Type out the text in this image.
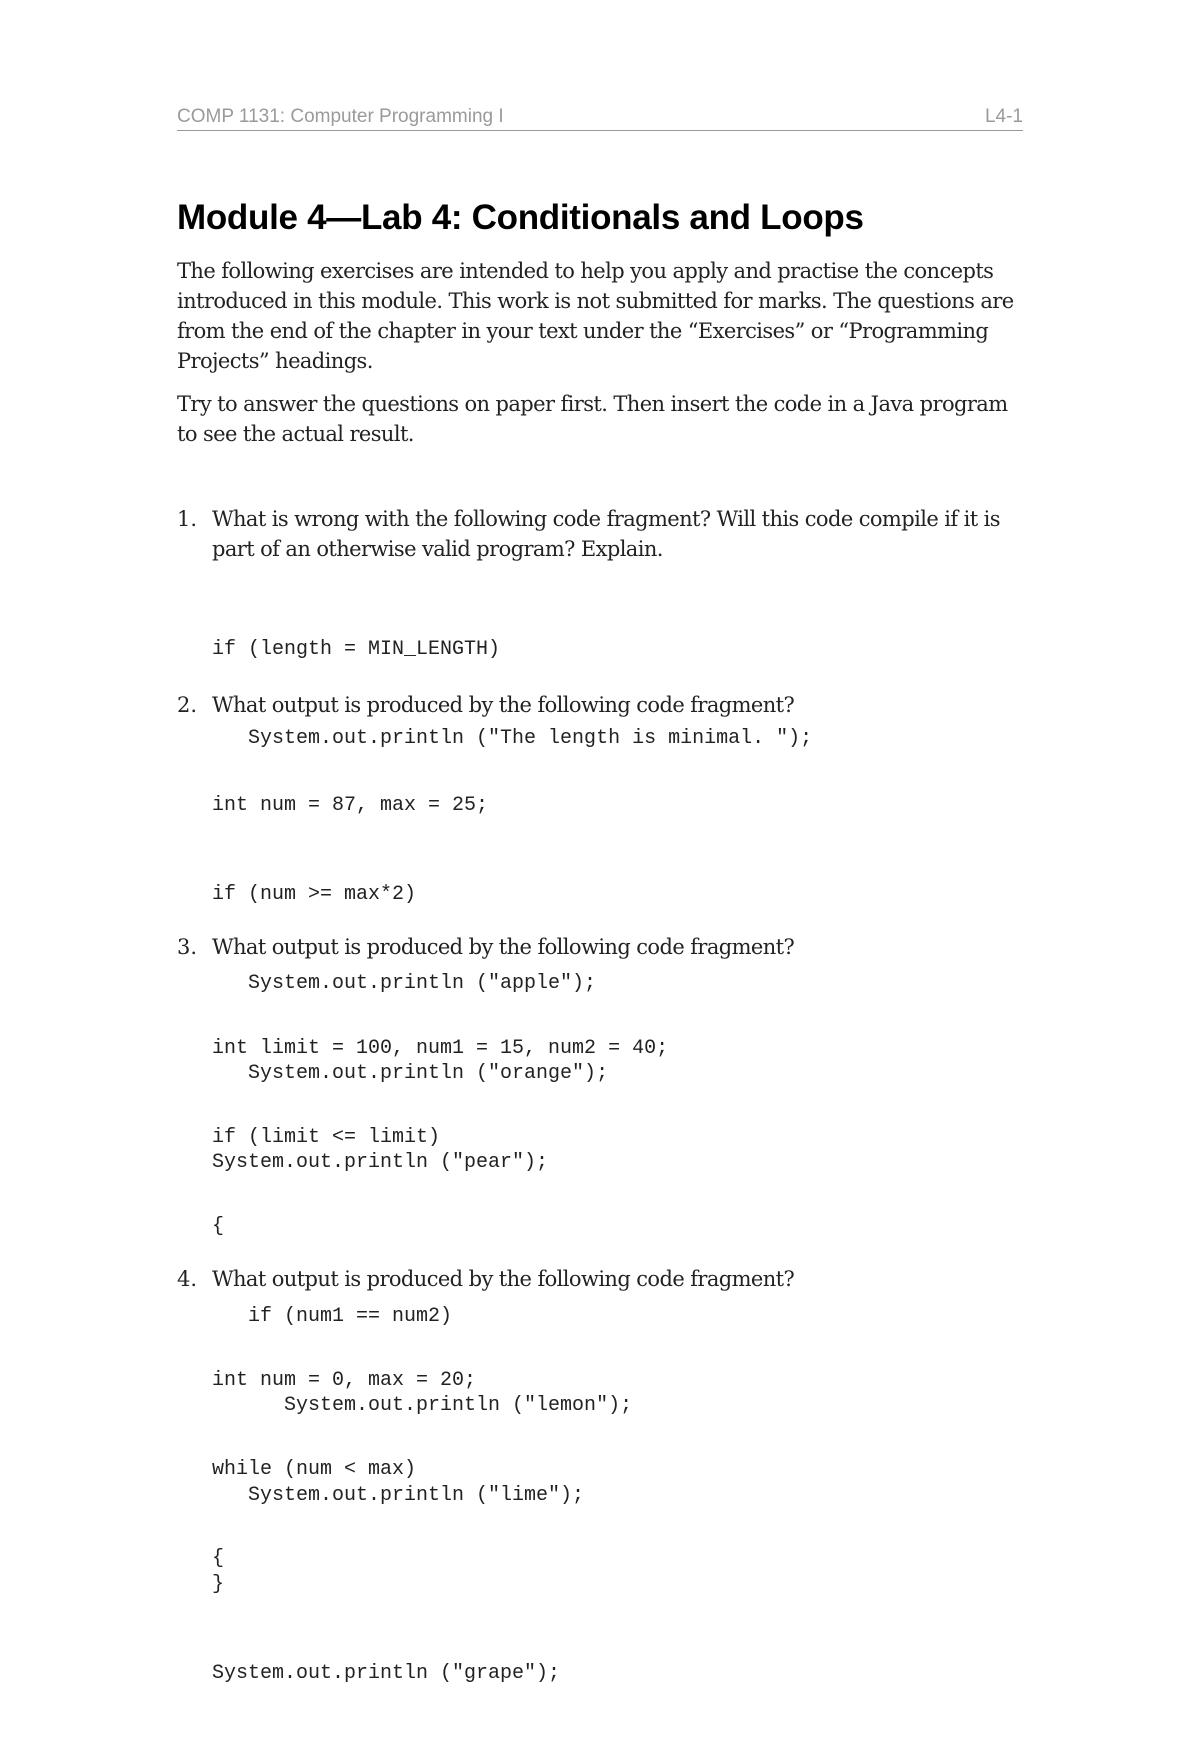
COMP 1131: Computer Programming I	L4-1
Module 4—Lab 4: Conditionals and Loops

The following exercises are intended to help you apply and practise the concepts introduced in this module. This work is not submitted for marks. The questions are from the end of the chapter in your text under the “Exercises” or “Programming Projects” headings.

Try to answer the questions on paper first. Then insert the code in a Java program to see the actual result.

1. What is wrong with the following code fragment? Will this code compile if it is part of an otherwise valid program? Explain.

if (length = MIN_LENGTH)

System.out.println ("The length is minimal. ");

2. What output is produced by the following code fragment?

int num = 87, max = 25;

if (num >= max*2)

System.out.println ("apple");

System.out.println ("orange");

System.out.println ("pear");

3. What output is produced by the following code fragment?

int limit = 100, num1 = 15, num2 = 40;

if (limit <= limit)

{

if (num1 == num2)

System.out.println ("lemon");

System.out.println ("lime");

}

System.out.println ("grape");

4. What output is produced by the following code fragment?

int num = 0, max = 20;

while (num < max)

{
